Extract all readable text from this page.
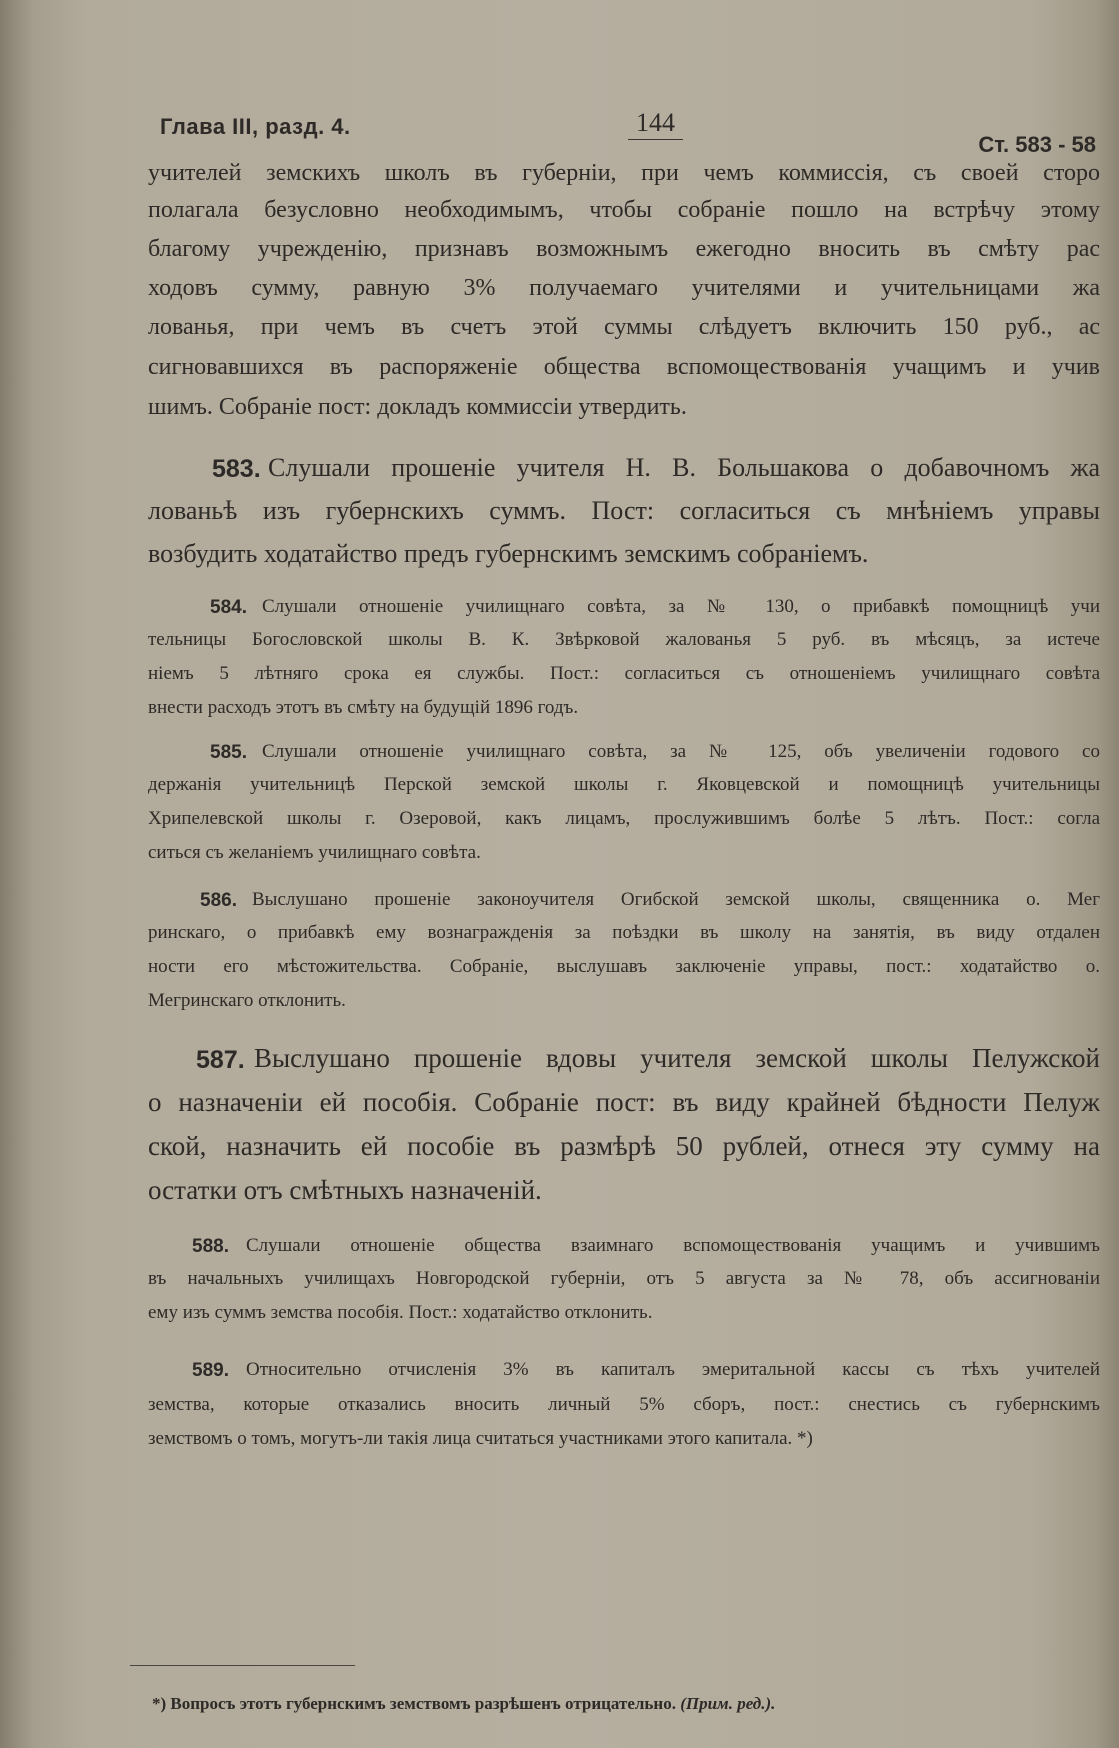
Глава III, разд. 4.	144
Ст. 583 - 58
учителей земскихъ школъ въ губерніи, при чемъ коммиссія, съ своей сторо
полагала безусловно необходимымъ, чтобы собраніе пошло на встрѣчу этому
благому учрежденію, признавъ возможнымъ ежегодно вносить въ смѣту рас
ходовъ сумму, равную 3% получаемаго учителями и учительницами жа
лованья, при чемъ въ счетъ этой суммы слѣдуетъ включить 150 руб., ас
сигновавшихся въ распоряженіе общества вспомоществованія учащимъ и учив
шимъ. Собраніе пост: докладъ коммиссіи утвердить.
583. Слушали прошеніе учителя Н. В. Большакова о добавочномъ жа
лованьѣ изъ губернскихъ суммъ. Пост: согласиться съ мнѣніемъ управы
возбудить ходатайство предъ губернскимъ земскимъ собраніемъ.
584. Слушали отношеніе училищнаго совѣта, за № 130, о прибавкѣ помощницѣ учи
тельницы Богословской школы В. К. Звѣрковой жалованья 5 руб. въ мѣсяцъ, за истече
ніемъ 5 лѣтняго срока ея службы. Пост.: согласиться съ отношеніемъ училищнаго совѣта
внести расходъ этотъ въ смѣту на будущій 1896 годъ.
585. Слушали отношеніе училищнаго совѣта, за № 125, объ увеличеніи годового со
держанія учительницѣ Перской земской школы г. Яковцевской и помощницѣ учительницы
Хрипелевской школы г. Озеровой, какъ лицамъ, прослужившимъ болѣе 5 лѣтъ. Пост.: согла
ситься съ желаніемъ училищнаго совѣта.
586. Выслушано прошеніе законоучителя Огибской земской школы, священника о. Мег
ринскаго, о прибавкѣ ему вознагражденія за поѣздки въ школу на занятія, въ виду отдален
ности его мѣстожительства. Собраніе, выслушавъ заключеніе управы, пост.: ходатайство о.
Мегринскаго отклонить.
587. Выслушано прошеніе вдовы учителя земской школы Пелужской
о назначеніи ей пособія. Собраніе пост: въ виду крайней бѣдности Пелуж
ской, назначить ей пособіе въ размѣрѣ 50 рублей, отнеся эту сумму на
остатки отъ смѣтныхъ назначеній.
588. Слушали отношеніе общества взаимнаго вспомоществованія учащимъ и учившимъ
въ начальныхъ училищахъ Новгородской губерніи, отъ 5 августа за № 78, объ ассигнованіи
ему изъ суммъ земства пособія. Пост.: ходатайство отклонить.
589. Относительно отчисленія 3% въ капиталъ эмеритальной кассы съ тѣхъ учителей
земства, которые отказались вносить личный 5% сборъ, пост.: снестись съ губернскимъ
земствомъ о томъ, могутъ-ли такія лица считаться участниками этого капитала. *)
*) Вопросъ этотъ губернскимъ земствомъ разрѣшенъ отрицательно. (Прим. ред.).
